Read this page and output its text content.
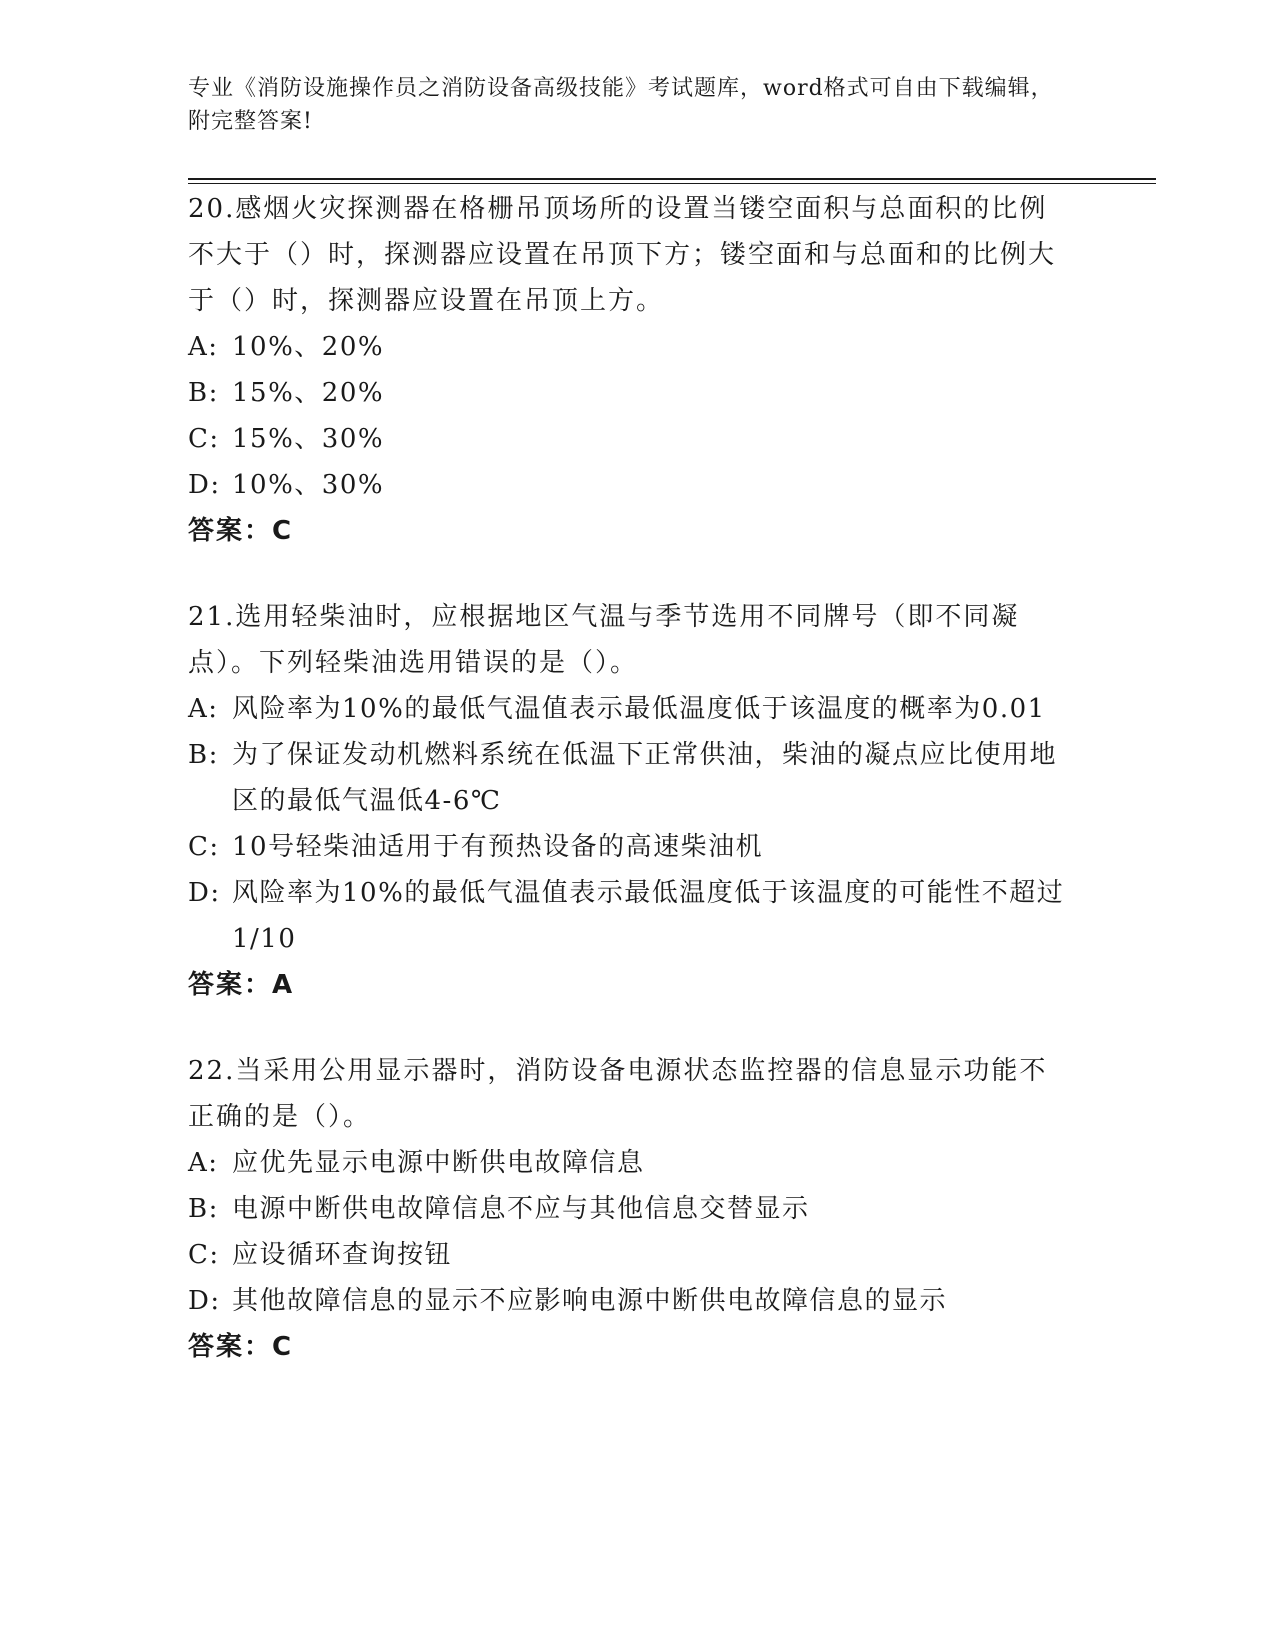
专业《消防设施操作员之消防设备高级技能》考试题库，word格式可自由下载编辑，附完整答案!
20.感烟火灾探测器在格栅吊顶场所的设置当镂空面积与总面积的比例不大于（）时，探测器应设置在吊顶下方；镂空面和与总面和的比例大于（）时，探测器应设置在吊顶上方。
A: 10%、20%
B: 15%、20%
C: 15%、30%
D: 10%、30%
答案：C
21.选用轻柴油时，应根据地区气温与季节选用不同牌号（即不同凝点）。下列轻柴油选用错误的是（）。
A: 风险率为10%的最低气温值表示最低温度低于该温度的概率为0.01
B: 为了保证发动机燃料系统在低温下正常供油，柴油的凝点应比使用地区的最低气温低4-6℃
C: 10号轻柴油适用于有预热设备的高速柴油机
D: 风险率为10%的最低气温值表示最低温度低于该温度的可能性不超过1/10
答案：A
22.当采用公用显示器时，消防设备电源状态监控器的信息显示功能不正确的是（）。
A: 应优先显示电源中断供电故障信息
B: 电源中断供电故障信息不应与其他信息交替显示
C: 应设循环查询按钮
D: 其他故障信息的显示不应影响电源中断供电故障信息的显示
答案：C
